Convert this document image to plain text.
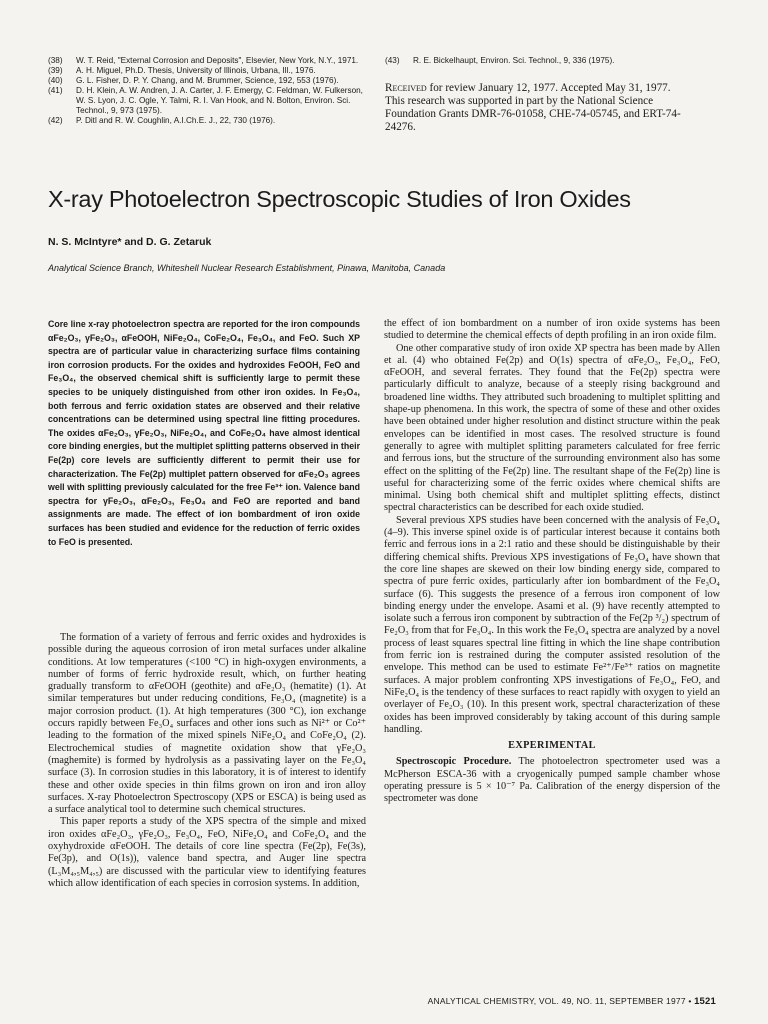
(38)	W. T. Reid, "External Corrosion and Deposits", Elsevier, New York, N.Y., 1971.
(39)	A. H. Miguel, Ph.D. Thesis, University of Illinois, Urbana, Ill., 1976.
(40)	G. L. Fisher, D. P. Y. Chang, and M. Brummer, Science, 192, 553 (1976).
(41)	D. H. Klein, A. W. Andren, J. A. Carter, J. F. Emergy, C. Feldman, W. Fulkerson, W. S. Lyon, J. C. Ogle, Y. Talmi, R. I. Van Hook, and N. Bolton, Environ. Sci. Technol., 9, 973 (1975).
(42)	P. Ditl and R. W. Coughlin, A.I.Ch.E. J., 22, 730 (1976).
(43)	R. E. Bickelhaupt, Environ. Sci. Technol., 9, 336 (1975).
Received for review January 12, 1977. Accepted May 31, 1977. This research was supported in part by the National Science Foundation Grants DMR-76-01058, CHE-74-05745, and ERT-74-24276.
X-ray Photoelectron Spectroscopic Studies of Iron Oxides
N. S. McIntyre* and D. G. Zetaruk
Analytical Science Branch, Whiteshell Nuclear Research Establishment, Pinawa, Manitoba, Canada
Core line x-ray photoelectron spectra are reported for the iron compounds αFe₂O₃, γFe₂O₃, αFeOOH, NiFe₂O₄, CoFe₂O₄, Fe₃O₄, and FeO. Such XP spectra are of particular value in characterizing surface films containing iron corrosion products. For the oxides and hydroxides FeOOH, FeO and Fe₃O₄, the observed chemical shift is sufficiently large to permit these species to be uniquely distinguished from other iron oxides. In Fe₃O₄, both ferrous and ferric oxidation states are observed and their relative concentrations can be determined using spectral line fitting procedures. The oxides αFe₂O₃, γFe₂O₃, NiFe₂O₄, and CoFe₂O₄ have almost identical core binding energies, but the multiplet splitting patterns observed in their Fe(2p) core levels are sufficiently different to permit their use for characterization. The Fe(2p) multiplet pattern observed for αFe₂O₃ agrees well with splitting previously calculated for the free Fe³⁺ ion. Valence band spectra for γFe₂O₃, αFe₂O₃, Fe₃O₄ and FeO are reported and band assignments are made. The effect of ion bombardment of iron oxide surfaces has been studied and evidence for the reduction of ferric oxides to FeO is presented.

The formation of a variety of ferrous and ferric oxides and hydroxides is possible during the aqueous corrosion of iron metal surfaces under alkaline conditions. At low temperatures (<100 °C) in high-oxygen environments, a number of forms of ferric hydroxide result, which, on further heating gradually transform to αFeOOH (geothite) and αFe₂O₃ (hematite) (1). At similar temperatures but under reducing conditions, Fe₃O₄ (magnetite) is a major corrosion product. (1). At high temperatures (300 °C), ion exchange occurs rapidly between Fe₃O₄ surfaces and other ions such as Ni²⁺ or Co²⁺ leading to the formation of the mixed spinels NiFe₂O₄ and CoFe₂O₄ (2). Electrochemical studies of magnetite oxidation show that γFe₂O₃ (maghemite) is formed by hydrolysis as a passivating layer on the Fe₃O₄ surface (3). In corrosion studies in this laboratory, it is of interest to identify these and other oxide species in thin films grown on iron and iron alloy surfaces. X-ray Photoelectron Spectroscopy (XPS or ESCA) is being used as a surface analytical tool to determine such chemical structures.

This paper reports a study of the XPS spectra of the simple and mixed iron oxides αFe₂O₃, γFe₂O₃, Fe₃O₄, FeO, NiFe₂O₄ and CoFe₂O₄ and the oxyhydroxide αFeOOH. The details of core line spectra (Fe(2p), Fe(3s), Fe(3p), and O(1s)), valence band spectra, and Auger line spectra (L₃M₄,₅M₄,₅) are discussed with the particular view to identifying features which allow identification of each species in corrosion systems. In addition,

the effect of ion bombardment on a number of iron oxide systems has been studied to determine the chemical effects of depth profiling in an iron oxide film.

One other comparative study of iron oxide XP spectra has been made by Allen et al. (4) who obtained Fe(2p) and O(1s) spectra of αFe₂O₃, Fe₃O₄, FeO, αFeOOH, and several ferrates. They found that the Fe(2p) spectra were particularly difficult to analyze, because of a steeply rising background and broadened line widths. They attributed such broadening to multiplet splitting and shape-up phenomena. In this work, the spectra of some of these and other oxides have been obtained under higher resolution and distinct structure within the peak envelopes can be identified in most cases. The resolved structure is found generally to agree with multiplet splitting parameters calculated for free ferric and ferrous ions, but the structure of the surrounding environment also has some effect on the splitting of the Fe(2p) line. The resultant shape of the Fe(2p) line is useful for characterizing some of the ferric oxides where chemical shifts are minimal. Using both chemical shift and multiplet splitting effects, distinct spectral characteristics can be described for each oxide studied.

Several previous XPS studies have been concerned with the analysis of Fe₃O₄ (4–9). This inverse spinel oxide is of particular interest because it contains both ferric and ferrous ions in a 2:1 ratio and these should be distinguishable by their differing chemical shifts. Previous XPS investigations of Fe₃O₄ have shown that the core line shapes are skewed on their low binding energy side, compared to spectra of pure ferric oxides, particularly after ion bombardment of the Fe₃O₄ surface (6). This suggests the presence of a ferrous iron component of low binding energy under the envelope. Asami et al. (9) have recently attempted to isolate such a ferrous iron component by subtraction of the Fe(2p ³/₂) spectrum of Fe₂O₃ from that for Fe₃O₄. In this work the Fe₃O₄ spectra are analyzed by a novel process of least squares spectral line fitting in which the line shape contribution from ferric ion is restrained during the computer assisted resolution of the envelope. This method can be used to estimate Fe²⁺/Fe³⁺ ratios on magnetite surfaces. A major problem confronting XPS investigations of Fe₃O₄, FeO, and NiFe₂O₄ is the tendency of these surfaces to react rapidly with oxygen to yield an overlayer of Fe₂O₃ (10). In this present work, spectral characterization of these oxides has been improved considerably by taking account of this during sample handling.

EXPERIMENTAL

Spectroscopic Procedure. The photoelectron spectrometer used was a McPherson ESCA-36 with a cryogenically pumped sample chamber whose operating pressure is 5 × 10⁻⁷ Pa. Calibration of the energy dispersion of the spectrometer was done

ANALYTICAL CHEMISTRY, VOL. 49, NO. 11, SEPTEMBER 1977 • 1521
